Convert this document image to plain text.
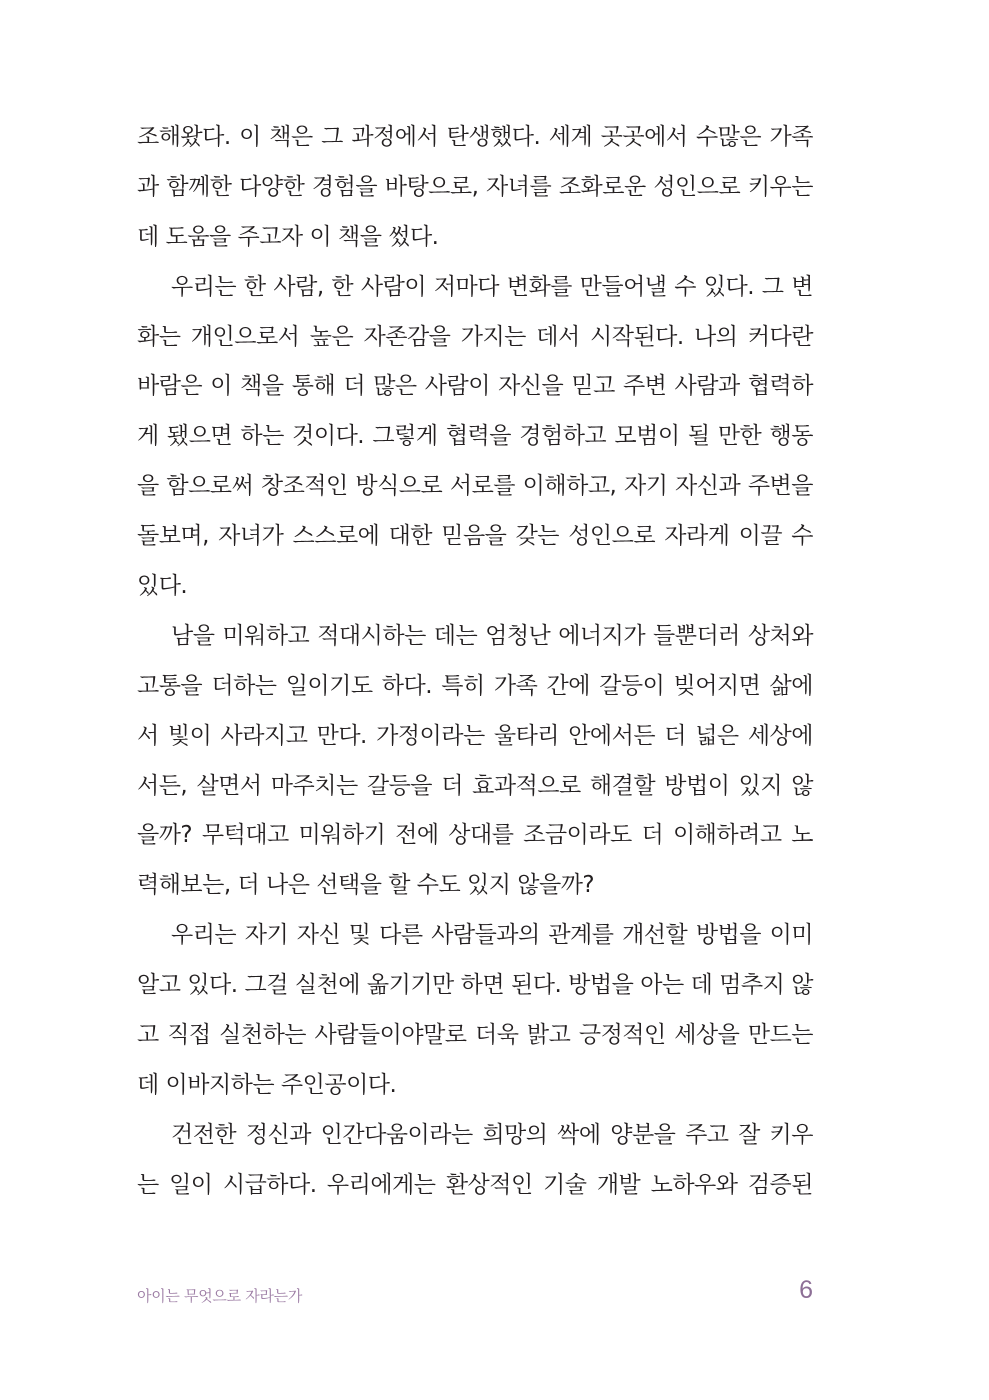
조해왔다. 이 책은 그 과정에서 탄생했다. 세계 곳곳에서 수많은 가족
과 함께한 다양한 경험을 바탕으로, 자녀를 조화로운 성인으로 키우는
데 도움을 주고자 이 책을 썼다.
우리는 한 사람, 한 사람이 저마다 변화를 만들어낼 수 있다. 그 변
화는 개인으로서 높은 자존감을 가지는 데서 시작된다. 나의 커다란
바람은 이 책을 통해 더 많은 사람이 자신을 믿고 주변 사람과 협력하
게 됐으면 하는 것이다. 그렇게 협력을 경험하고 모범이 될 만한 행동
을 함으로써 창조적인 방식으로 서로를 이해하고, 자기 자신과 주변을
돌보며, 자녀가 스스로에 대한 믿음을 갖는 성인으로 자라게 이끌 수
있다.
남을 미워하고 적대시하는 데는 엄청난 에너지가 들뿐더러 상처와
고통을 더하는 일이기도 하다. 특히 가족 간에 갈등이 빚어지면 삶에
서 빛이 사라지고 만다. 가정이라는 울타리 안에서든 더 넓은 세상에
서든, 살면서 마주치는 갈등을 더 효과적으로 해결할 방법이 있지 않
을까? 무턱대고 미워하기 전에 상대를 조금이라도 더 이해하려고 노
력해보는, 더 나은 선택을 할 수도 있지 않을까?
우리는 자기 자신 및 다른 사람들과의 관계를 개선할 방법을 이미
알고 있다. 그걸 실천에 옮기기만 하면 된다. 방법을 아는 데 멈추지 않
고 직접 실천하는 사람들이야말로 더욱 밝고 긍정적인 세상을 만드는
데 이바지하는 주인공이다.
건전한 정신과 인간다움이라는 희망의 싹에 양분을 주고 잘 키우
는 일이 시급하다. 우리에게는 환상적인 기술 개발 노하우와 검증된
아이는 무엇으로 자라는가	6
